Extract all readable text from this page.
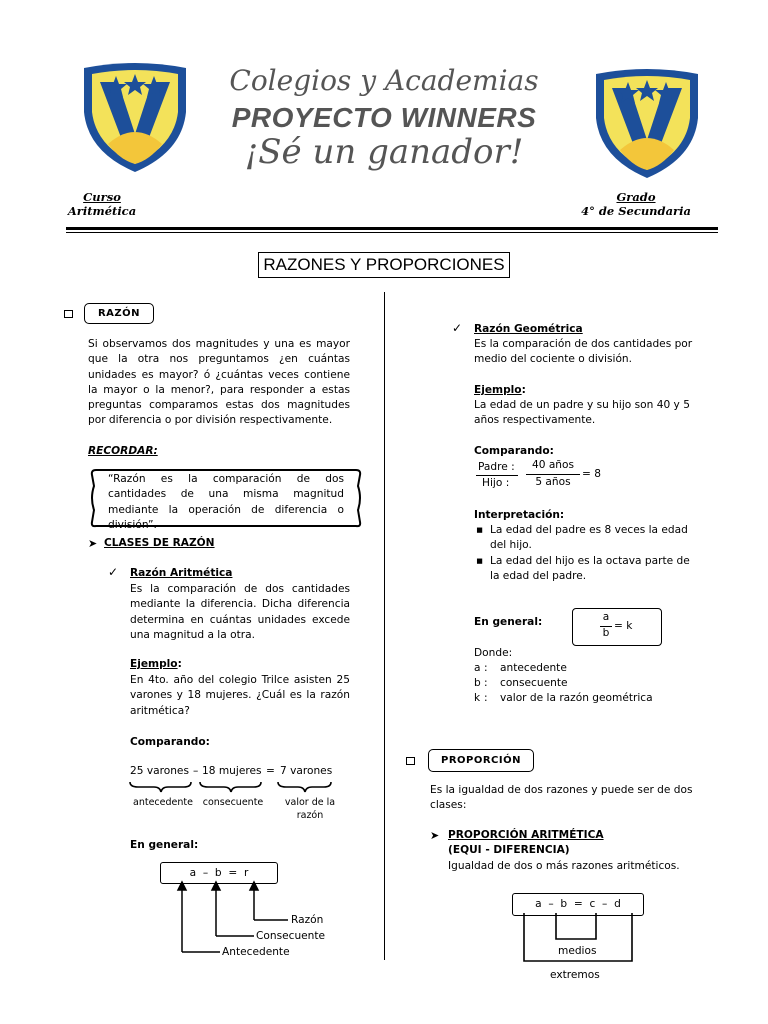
Colegios y Academias
PROYECTO WINNERS
¡Sé un ganador!
Curso
Aritmética
Grado
4° de Secundaria
RAZONES Y PROPORCIONES
RAZÓN
Si observamos dos magnitudes y una es mayor que la otra nos preguntamos ¿en cuántas unidades es mayor? ó ¿cuántas veces contiene la mayor o la menor?, para responder a estas preguntas comparamos estas dos magnitudes por diferencia o por división respectivamente.
RECORDAR:
“Razón es la comparación de dos cantidades de una misma magnitud mediante la operación de diferencia o división”.
➤ CLASES DE RAZÓN
✓ Razón Aritmética
Es la comparación de dos cantidades mediante la diferencia. Dicha diferencia determina en cuántas unidades excede una magnitud a la otra.
Ejemplo:
En 4to. año del colegio Trilce asisten 25 varones y 18 mujeres. ¿Cuál es la razón aritmética?
Comparando:
25 varones – 18 mujeres = 7 varones
antecedente	consecuente	valor de la razón
En general:
a  –  b  =  r
Razón
Consecuente
Antecedente
✓ Razón Geométrica
Es la comparación de dos cantidades por medio del cociente o división.
Ejemplo:
La edad de un padre y su hijo son 40 y 5 años respectivamente.
Comparando:
Padre :
Hijo :
40 años
5 años
= 8
Interpretación:
▪ La edad del padre es 8 veces la edad del hijo.
▪ La edad del hijo es la octava parte de la edad del padre.
En general:	a
b
= k
Donde:
a : antecedente
b : consecuente
k : valor de la razón geométrica
PROPORCIÓN
Es la igualdad de dos razones y puede ser de dos clases:
➤ PROPORCIÓN ARITMÉTICA
(EQUI - DIFERENCIA)
Igualdad de dos o más razones aritméticos.
a  –  b  =  c  –  d
medios
extremos
